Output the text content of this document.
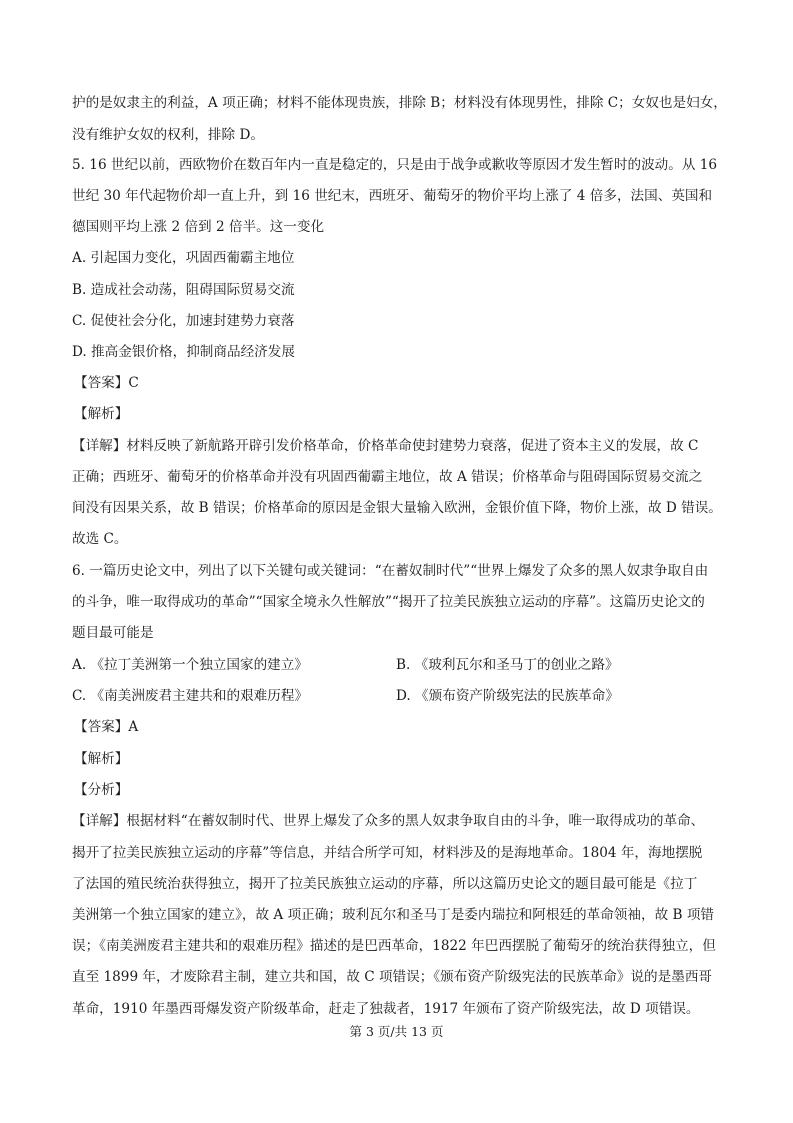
护的是奴隶主的利益，A 项正确；材料不能体现贵族，排除 B；材料没有体现男性，排除 C；女奴也是妇女，
没有维护女奴的权利，排除 D。
5. 16 世纪以前，西欧物价在数百年内一直是稳定的，只是由于战争或歉收等原因才发生暂时的波动。从 16
世纪 30 年代起物价却一直上升，到 16 世纪末，西班牙、葡萄牙的物价平均上涨了 4 倍多，法国、英国和
德国则平均上涨 2 倍到 2 倍半。这一变化
A. 引起国力变化，巩固西葡霸主地位
B. 造成社会动荡，阻碍国际贸易交流
C. 促使社会分化，加速封建势力衰落
D. 推高金银价格，抑制商品经济发展
【答案】C
【解析】
【详解】材料反映了新航路开辟引发价格革命，价格革命使封建势力衰落，促进了资本主义的发展，故 C
正确；西班牙、葡萄牙的价格革命并没有巩固西葡霸主地位，故 A 错误；价格革命与阻碍国际贸易交流之
间没有因果关系，故 B 错误；价格革命的原因是金银大量输入欧洲，金银价值下降，物价上涨，故 D 错误。
故选 C。
6. 一篇历史论文中，列出了以下关键句或关键词：“在蓄奴制时代”“世界上爆发了众多的黑人奴隶争取自由
的斗争，唯一取得成功的革命”“国家全境永久性解放”“揭开了拉美民族独立运动的序幕”。这篇历史论文的
题目最可能是
A. 《拉丁美洲第一个独立国家的建立》	B. 《玻利瓦尔和圣马丁的创业之路》
C. 《南美洲废君主建共和的艰难历程》	D. 《颁布资产阶级宪法的民族革命》
【答案】A
【解析】
【分析】
【详解】根据材料“在蓄奴制时代、世界上爆发了众多的黑人奴隶争取自由的斗争，唯一取得成功的革命、
揭开了拉美民族独立运动的序幕”等信息，并结合所学可知，材料涉及的是海地革命。1804 年，海地摆脱
了法国的殖民统治获得独立，揭开了拉美民族独立运动的序幕，所以这篇历史论文的题目最可能是《拉丁
美洲第一个独立国家的建立》，故 A 项正确；玻利瓦尔和圣马丁是委内瑞拉和阿根廷的革命领袖，故 B 项错
误；《南美洲废君主建共和的艰难历程》描述的是巴西革命，1822 年巴西摆脱了葡萄牙的统治获得独立，但
直至 1899 年，才废除君主制，建立共和国，故 C 项错误；《颁布资产阶级宪法的民族革命》说的是墨西哥
革命，1910 年墨西哥爆发资产阶级革命，赶走了独裁者，1917 年颁布了资产阶级宪法，故 D 项错误。
第 3 页/共 13 页
